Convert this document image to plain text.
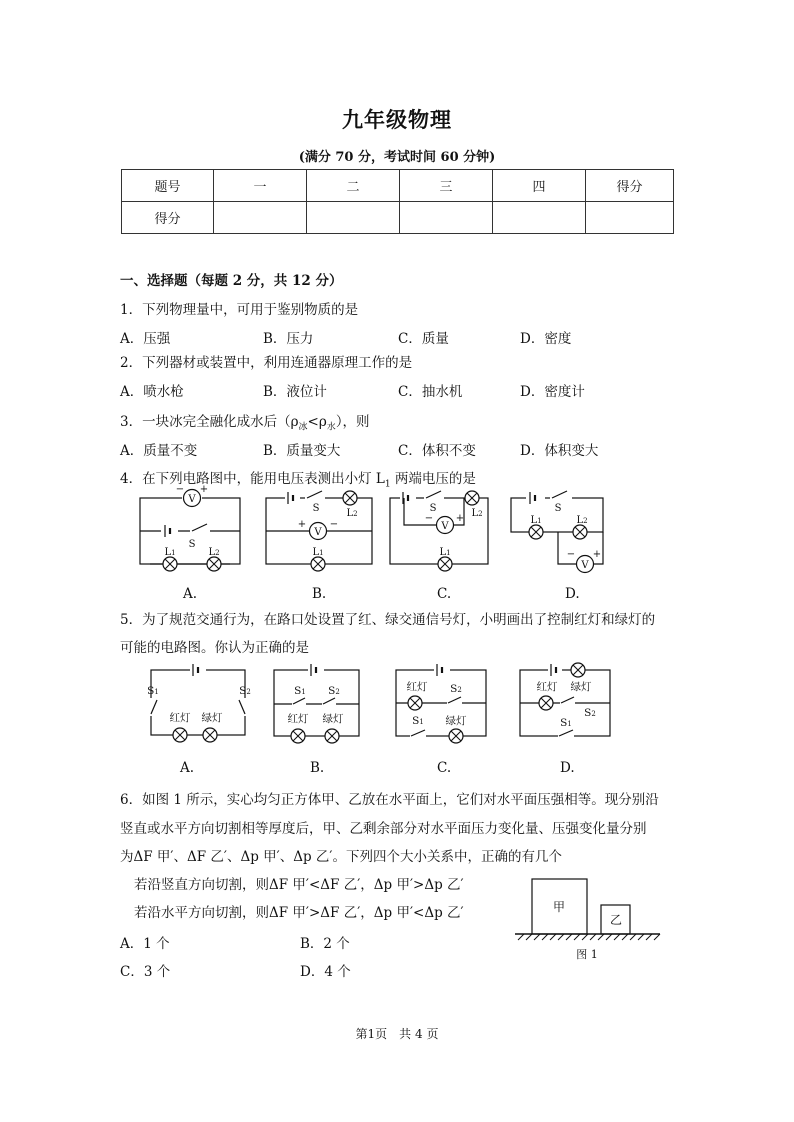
九年级物理
(满分 70 分，考试时间 60 分钟)
题号	一	二	三	四	得分
得分					
一、选择题（每题 2 分，共 12 分）
1．下列物理量中，可用于鉴别物质的是
A．压强	B．压力	C．质量	D．密度
2．下列器材或装置中，利用连通器原理工作的是
A．喷水枪	B．液位计	C．抽水机	D．密度计
3．一块冰完全融化成水后$(\rho_冰<\rho_水)$，则
A．质量不变	B．质量变大	C．体积不变	D．体积变大
4．在下列电路图中，能用电压表测出小灯 $L_1$ 两端电压的是
V
− +
S
L1	L2
S	L2
V
+ −
L1
S	L2
V
− +
L1
S
L1	L2
V
− +
A.	B.	C.	D.
5．为了规范交通行为，在路口处设置了红、绿交通信号灯，小明画出了控制红灯和绿灯的
可能的电路图。你认为正确的是
S1	S2
红灯 绿灯
S1 S2
红灯 绿灯
红灯 S2
S1 绿灯
红灯 绿灯
S2
S1
A.	B.	C.	D.
6．如图 1 所示，实心均匀正方体甲、乙放在水平面上，它们对水平面压强相等。现分别沿
竖直或水平方向切割相等厚度后，甲、乙剩余部分对水平面压力变化量、压强变化量分别
为ΔF 甲′、ΔF 乙′、Δp 甲′、Δp 乙′。下列四个大小关系中，正确的有几个
若沿竖直方向切割，则ΔF 甲′<ΔF 乙′，Δp 甲′>Δp 乙′
若沿水平方向切割，则ΔF 甲′>ΔF 乙′，Δp 甲′<Δp 乙′
A．1 个	B．2 个
C．3 个	D．4 个
甲
乙
图 1
第1页　共 4 页
